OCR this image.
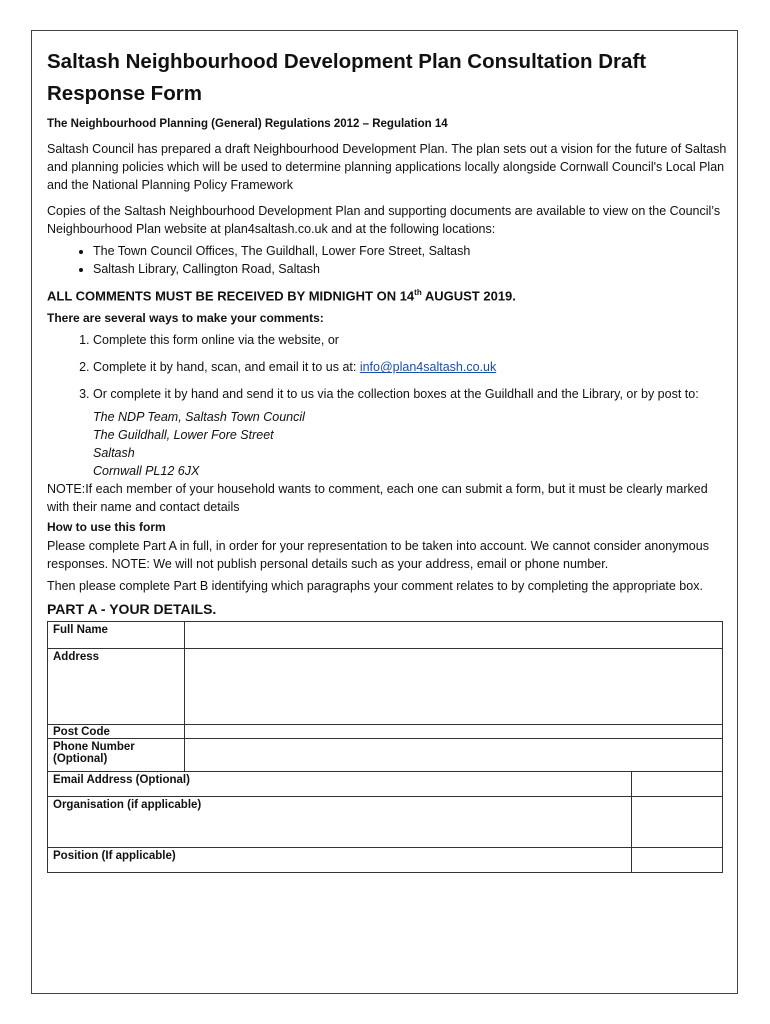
Saltash Neighbourhood Development Plan Consultation Draft Response Form
The Neighbourhood Planning (General) Regulations 2012 – Regulation 14

Saltash Council has prepared a draft Neighbourhood Development Plan. The plan sets out a vision for the future of Saltash and planning policies which will be used to determine planning applications locally alongside Cornwall Council's Local Plan and the National Planning Policy Framework

Copies of the Saltash Neighbourhood Development Plan and supporting documents are available to view on the Council’s Neighbourhood Plan website at plan4saltash.co.uk and at the following locations:

• The Town Council Offices, The Guildhall, Lower Fore Street, Saltash
• Saltash Library, Callington Road, Saltash
ALL COMMENTS MUST BE RECEIVED BY MIDNIGHT ON 14th AUGUST 2019.
There are several ways to make your comments:
1. Complete this form online via the website, or
2. Complete it by hand, scan, and email it to us at: info@plan4saltash.co.uk
3. Or complete it by hand and send it to us via the collection boxes at the Guildhall and the Library, or by post to:
The NDP Team, Saltash Town Council
The Guildhall, Lower Fore Street
Saltash
Cornwall PL12 6JX
NOTE:If each member of your household wants to comment, each one can submit a form, but it must be clearly marked with their name and contact details
How to use this form

Please complete Part A in full, in order for your representation to be taken into account. We cannot consider anonymous responses. NOTE: We will not publish personal details such as your address, email or phone number.

Then please complete Part B identifying which paragraphs your comment relates to by completing the appropriate box.

PART A - YOUR DETAILS.
Full Name		
Address		
Post Code		
Phone Number (Optional)		
Email Address (Optional)		
Organisation (if applicable)		
Position (If applicable)		
